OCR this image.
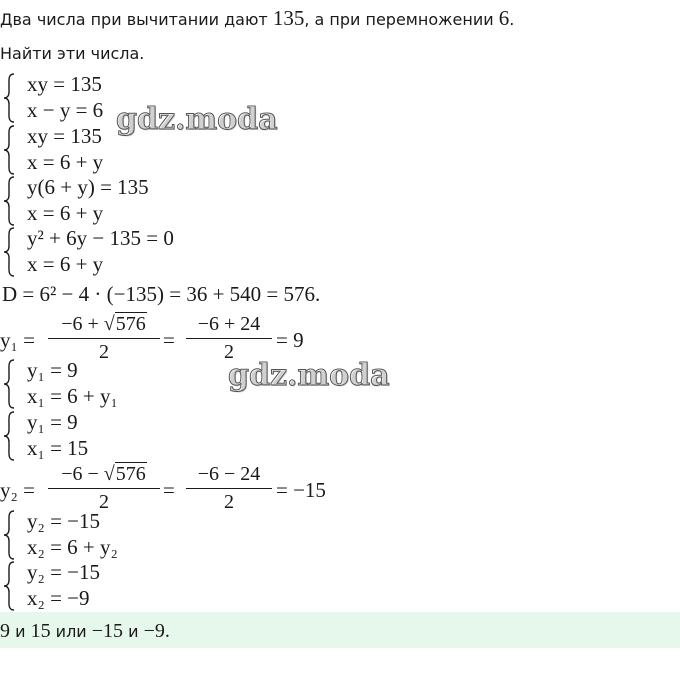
Два числа при вычитании дают 135, а при перемножении 6.
Найти эти числа.
xy = 135
x − y = 6
xy = 135
x = 6 + y
y(6 + y) = 135
x = 6 + y
y² + 6y − 135 = 0
x = 6 + y
D = 6² − 4 · (−135) = 36 + 540 = 576.
y₁ =
−6 + √576
2	=
−6 + 24
2	= 9
y₁ = 9
x₁ = 6 + y₁
y₁ = 9
x₁ = 15
y₂ =
−6 − √576
2	=
−6 − 24
2	= −15
y₂ = −15
x₂ = 6 + y₂
y₂ = −15
x₂ = −9
9 и 15 или −15 и −9.
gdz.moda
gdz.moda
